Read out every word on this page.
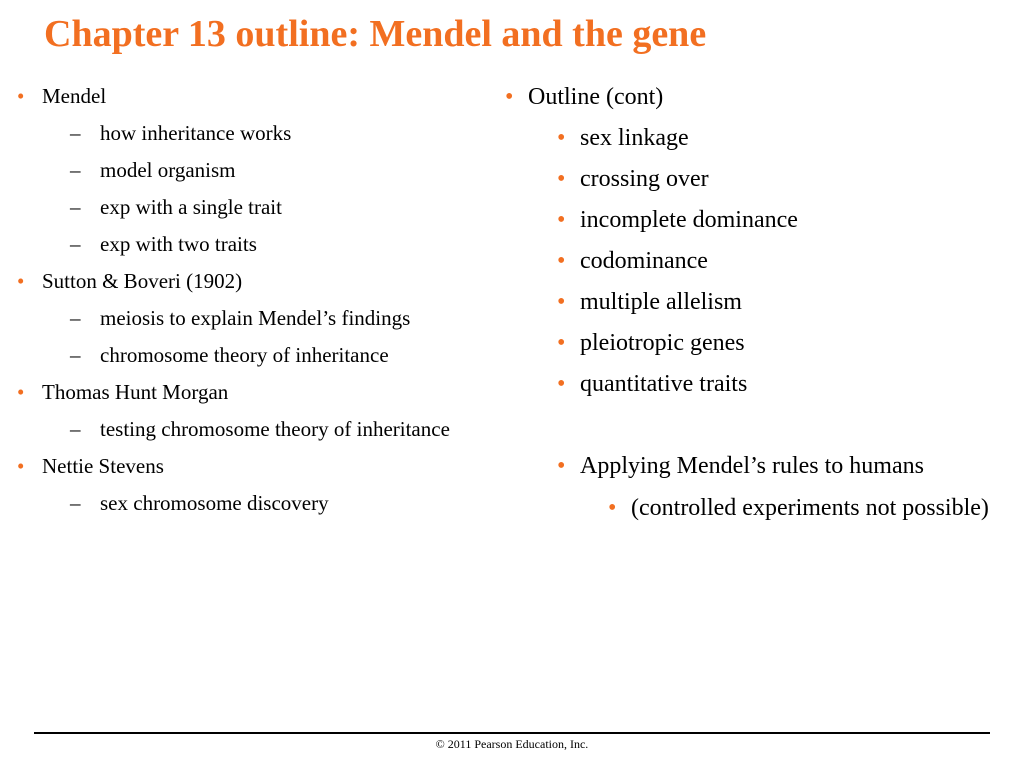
Chapter 13 outline: Mendel and the gene
• Mendel
– how inheritance works
– model organism
– exp with a single trait
– exp with two traits
• Sutton & Boveri (1902)
– meiosis to explain Mendel’s findings
– chromosome theory of inheritance
• Thomas Hunt Morgan
– testing chromosome theory of inheritance
• Nettie Stevens
– sex chromosome discovery
• Outline (cont)
• sex linkage
• crossing over
• incomplete dominance
• codominance
• multiple allelism
• pleiotropic genes
• quantitative traits
• Applying Mendel’s rules to humans
• (controlled experiments not possible)
© 2011 Pearson Education, Inc.
